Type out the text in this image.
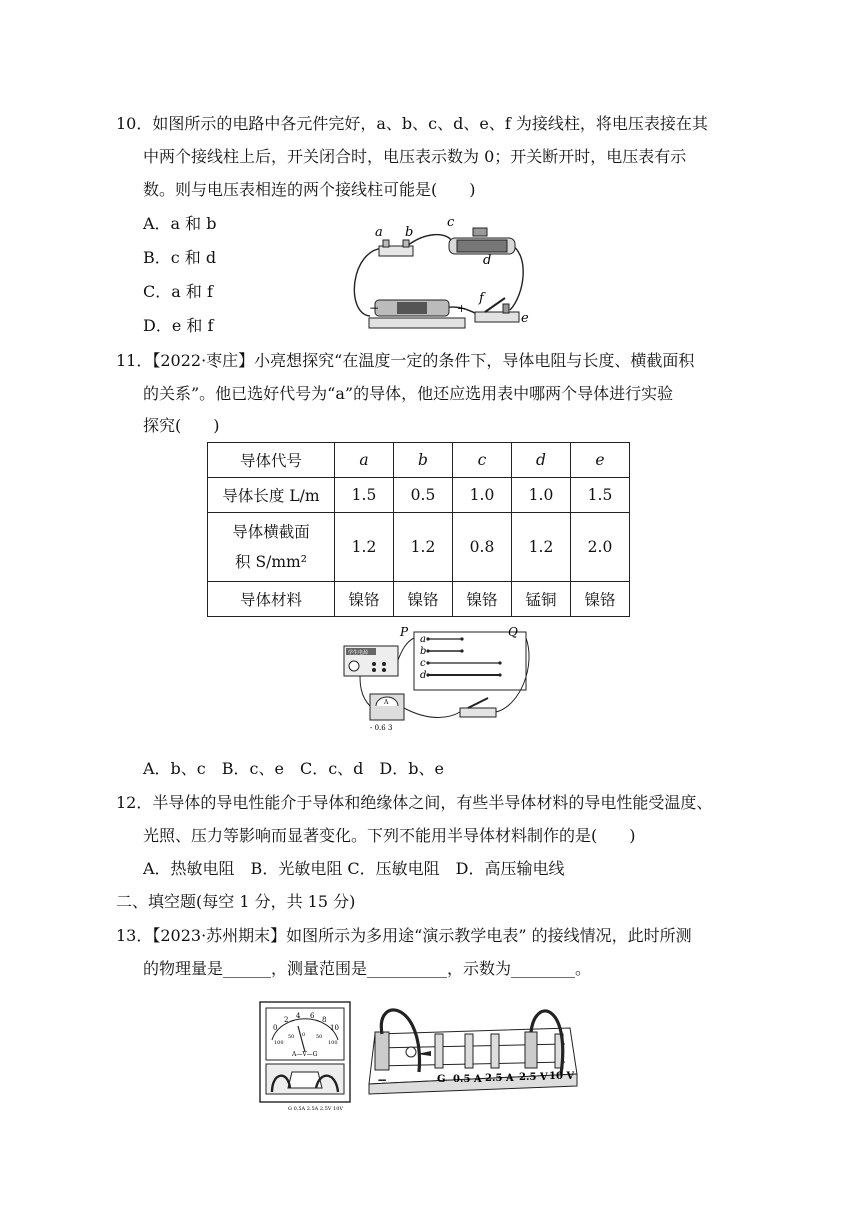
10．如图所示的电路中各元件完好，a、b、c、d、e、f 为接线柱，将电压表接在其
中两个接线柱上后，开关闭合时，电压表示数为 0；开关断开时，电压表有示
数。则与电压表相连的两个接线柱可能是(　　)
A．a 和 b
B．c 和 d
C．a 和 f
D．e 和 f
a b
c
d
−	+
f
e
11．【2022·枣庄】小亮想探究“在温度一定的条件下，导体电阻与长度、横截面积
的关系”。他已选好代号为“a”的导体，他还应选用表中哪两个导体进行实验
探究(　　)
导体代号	a	b	c	d	e
导体长度 L/m	1.5	0.5	1.0	1.0	1.5

导体横截面
积 S/mm²	1.2	1.2	0.8	1.2	2.0
导体材料	镍铬	镍铬	镍铬	锰铜	镍铬
a
b
c
d
P	Q
学生电源
A
- 0.6 3
A．b、c　B．c、e　C．c、d　D．b、e
12．半导体的导电性能介于导体和绝缘体之间，有些半导体材料的导电性能受温度、
光照、压力等影响而显著变化。下列不能用半导体材料制作的是(　　)
A．热敏电阻　B．光敏电阻 C．压敏电阻　D．高压输电线
二、填空题(每空 1 分，共 15 分)
13．【2023·苏州期末】如图所示为多用途“演示教学电表” 的接线情况，此时所测
的物理量是______，测量范围是__________，示数为________。
0
2 4 6 8
10
100
50 0 50
100
A—V—G
G 0.5A 2.5A 2.5V 10V
−	G 0.5 A 2.5 A 2.5 V 10 V
